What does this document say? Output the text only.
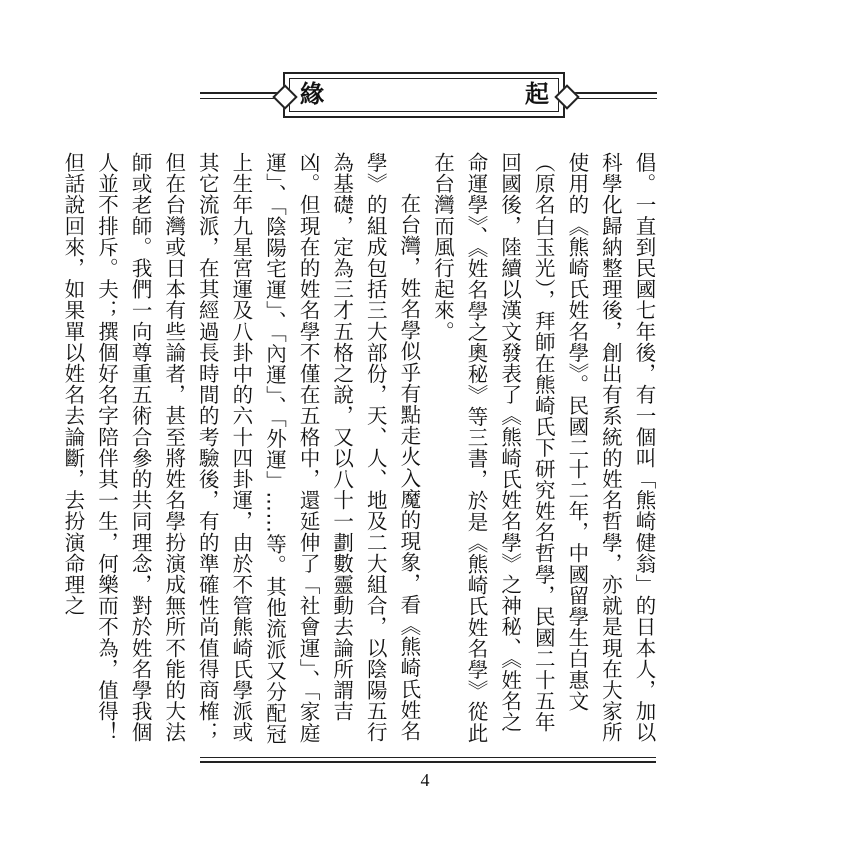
緣	起

倡。一直到民國七年後，有一個叫「熊崎健翁」的日本人，加以科學化歸納整理後，創出有系統的姓名哲學，亦就是現在大家所使用的《熊崎氏姓名學》。民國二十二年，中國留學生白惠文（原名白玉光），拜師在熊崎氏下研究姓名哲學，民國二十五年回國後，陸續以漢文發表了《熊崎氏姓名學》之神秘、《姓名之命運學》、《姓名學之奧秘》等三書，於是《熊崎氏姓名學》從此在台灣而風行起來。

在台灣，姓名學似乎有點走火入魔的現象，看《熊崎氏姓名學》的組成包括三大部份，天、人、地及二大組合，以陰陽五行為基礎，定為三才五格之說，又以八十一劃數靈動去論所謂吉凶。但現在的姓名學不僅在五格中，還延伸了「社會運」、「家庭運」、「陰陽宅運」、「內運」、「外運」……等。其他流派又分配冠上生年九星宮運及八卦中的六十四卦運，由於不管熊崎氏學派或其它流派，在其經過長時間的考驗後，有的準確性尚值得商榷；但在台灣或日本有些論者，甚至將姓名學扮演成無所不能的大法師或老師。我們一向尊重五術合參的共同理念，對於姓名學我個人並不排斥。夫；撰個好名字陪伴其一生，何樂而不為，值得！但話說回來，如果單以姓名去論斷，去扮演命理之

4
